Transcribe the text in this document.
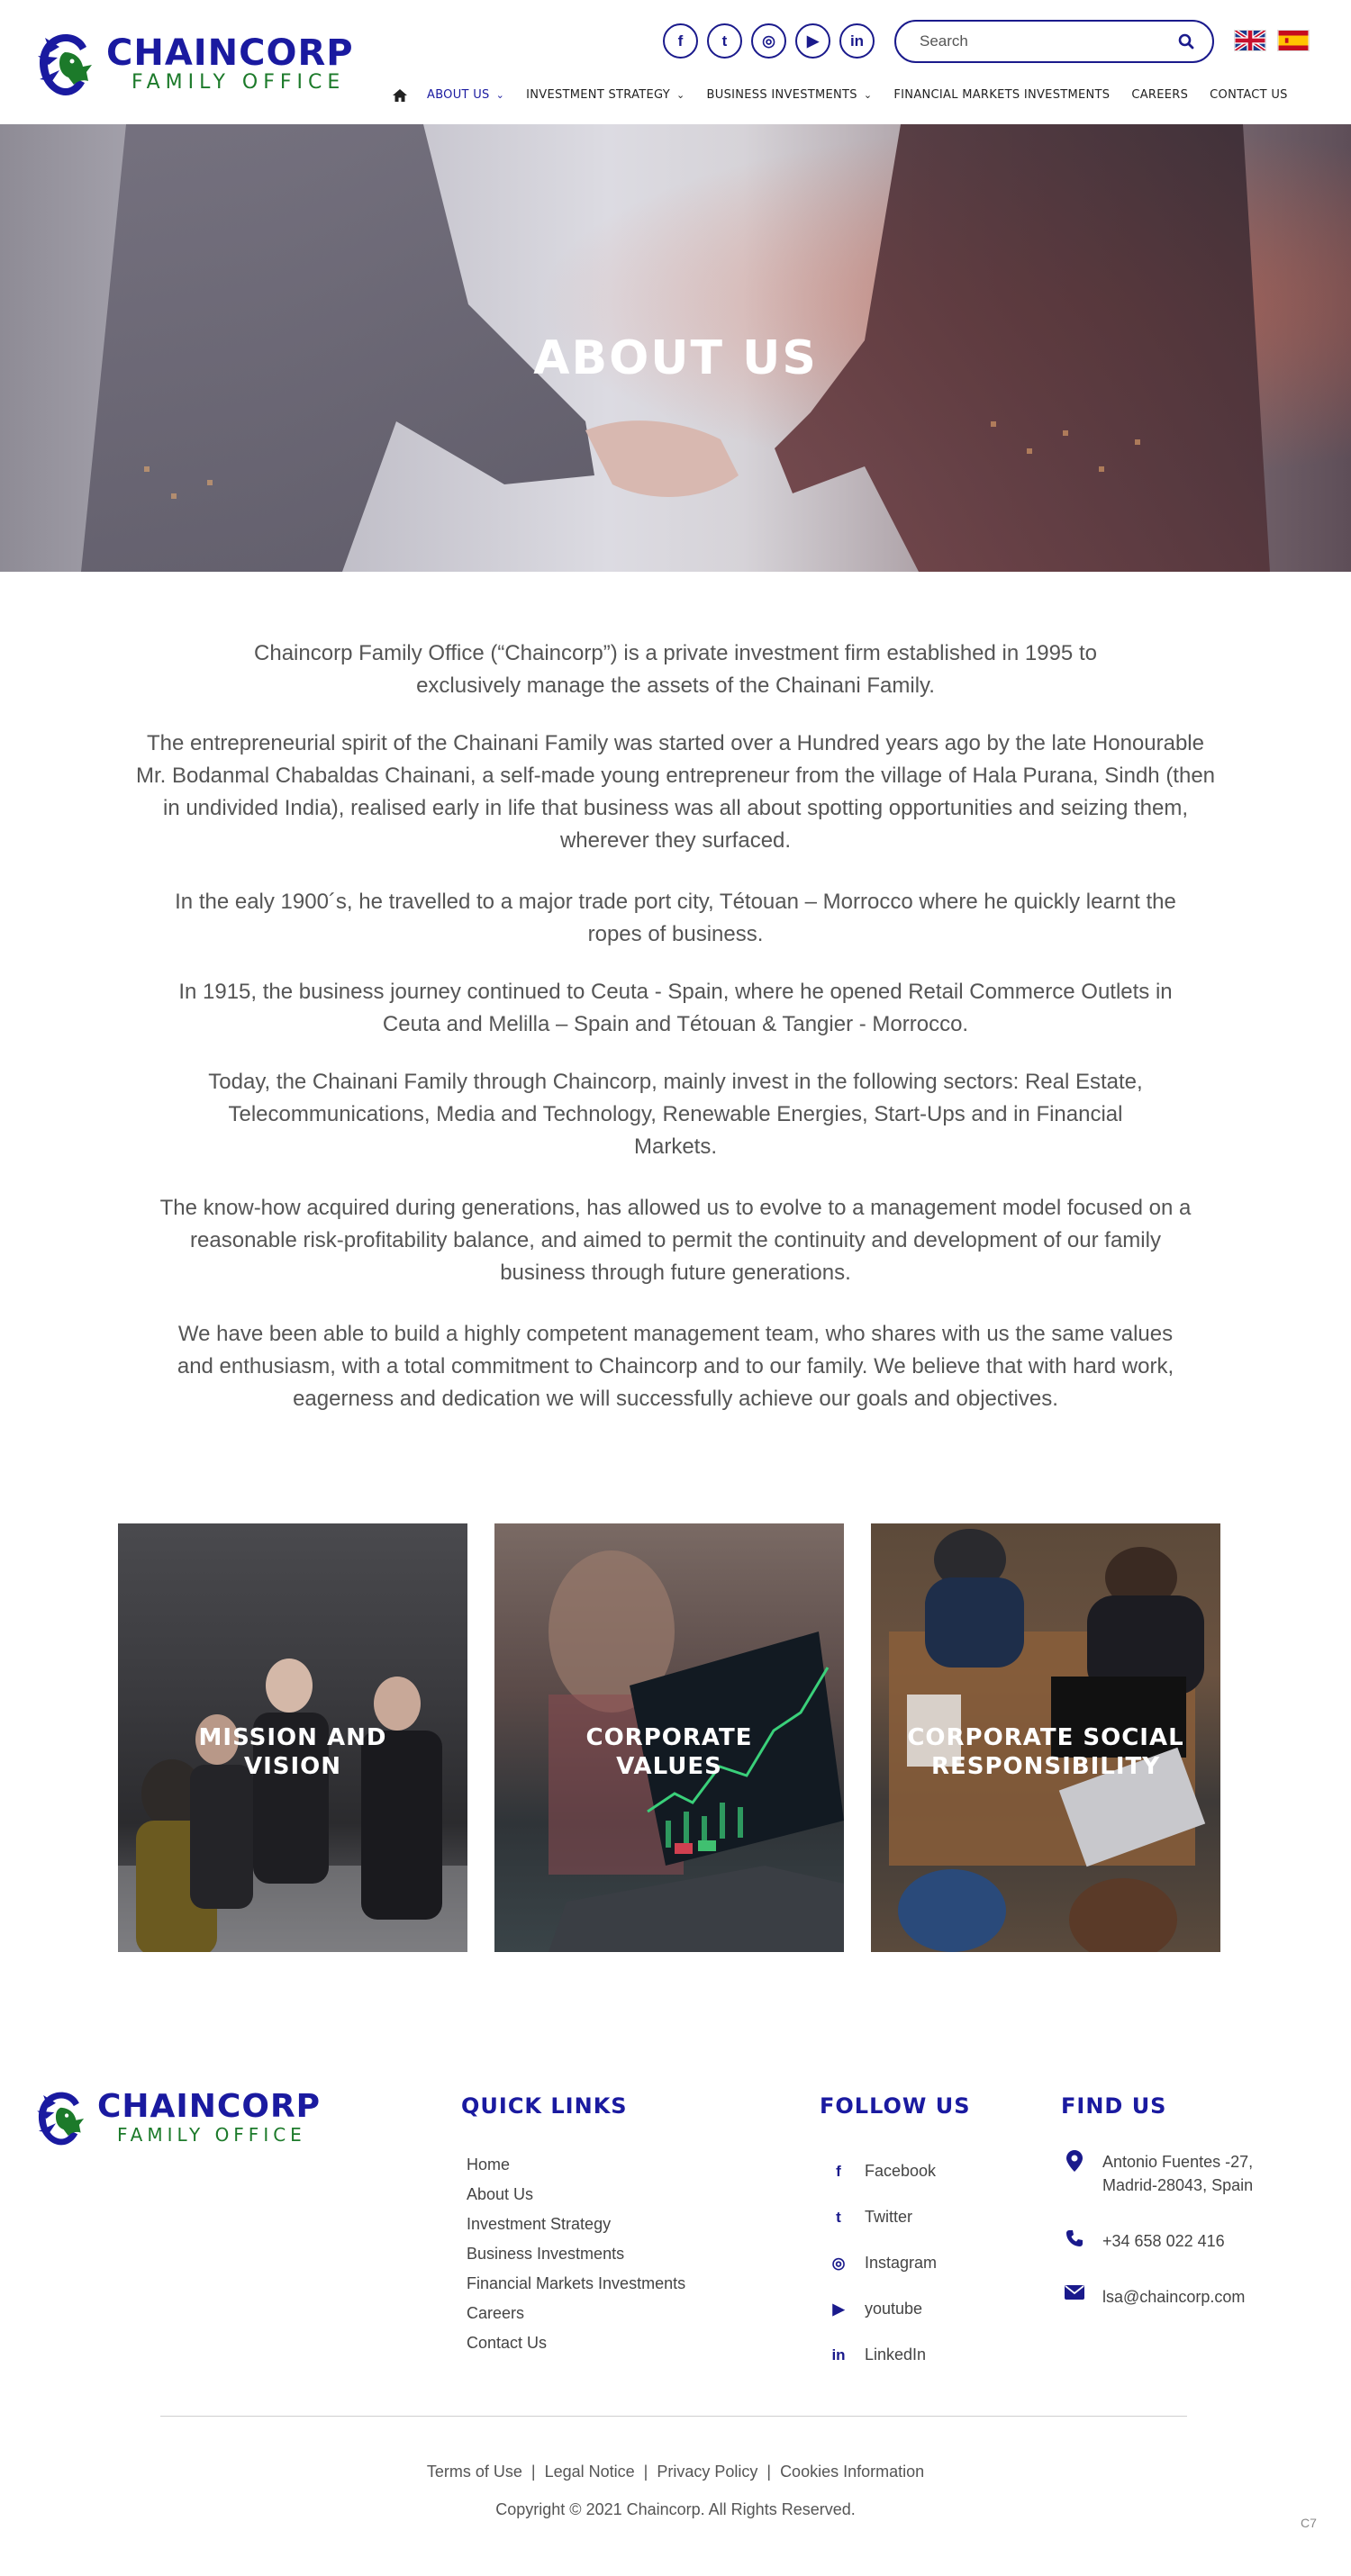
CHAINCORP
FAMILY OFFICE
f	t	◎	▶	in
Search
ABOUT US ⌄ INVESTMENT STRATEGY ⌄ BUSINESS INVESTMENTS ⌄ FINANCIAL MARKETS INVESTMENTS CAREERS CONTACT US
ABOUT US

Chaincorp Family Office (“Chaincorp”) is a private investment firm established in 1995 to exclusively manage the assets of the Chainani Family.

The entrepreneurial spirit of the Chainani Family was started over a Hundred years ago by the late Honourable Mr. Bodanmal Chabaldas Chainani, a self-made young entrepreneur from the village of Hala Purana, Sindh (then in undivided India), realised early in life that business was all about spotting opportunities and seizing them, wherever they surfaced.

In the ealy 1900´s, he travelled to a major trade port city, Tétouan – Morrocco where he quickly learnt the ropes of business.

In 1915, the business journey continued to Ceuta - Spain, where he opened Retail Commerce Outlets in Ceuta and Melilla – Spain and Tétouan & Tangier - Morrocco.

Today, the Chainani Family through Chaincorp, mainly invest in the following sectors: Real Estate, Telecommunications, Media and Technology, Renewable Energies, Start-Ups and in Financial Markets.

The know-how acquired during generations, has allowed us to evolve to a management model focused on a reasonable risk-profitability balance, and aimed to permit the continuity and development of our family business through future generations.

We have been able to build a highly competent management team, who shares with us the same values and enthusiasm, with a total commitment to Chaincorp and to our family. We believe that with hard work, eagerness and dedication we will successfully achieve our goals and objectives.

MISSION AND VISION
CORPORATE VALUES
CORPORATE SOCIAL RESPONSIBILITY
CHAINCORP
FAMILY OFFICE
QUICK LINKS
Home
About Us
Investment Strategy
Business Investments
Financial Markets Investments
Careers
Contact Us
FOLLOW US
f	Facebook
t	Twitter
◎	Instagram
▶	youtube
in	LinkedIn
FIND US
Antonio Fuentes -27, Madrid-28043, Spain
+34 658 022 416
lsa@chaincorp.com
Terms of Use | Legal Notice | Privacy Policy | Cookies Information
Copyright © 2021 Chaincorp. All Rights Reserved.
C7
